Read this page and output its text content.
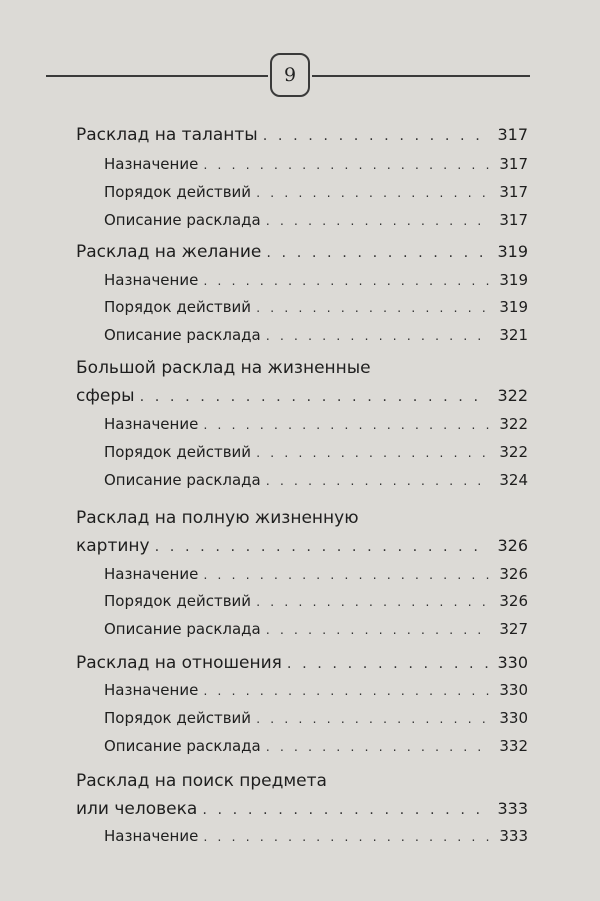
9
Расклад на таланты . . .	317
Назначение . . .	317
Порядок действий . . .	317
Описание расклада . . .	317
Расклад на желание . . .	319
Назначение . . .	319
Порядок действий . . .	319
Описание расклада . . .	321
Большой расклад на жизненные
сферы . . .	322
Назначение . . .	322
Порядок действий . . .	322
Описание расклада . . .	324
Расклад на полную жизненную
картину . . .	326
Назначение . . .	326
Порядок действий . . .	326
Описание расклада . . .	327
Расклад на отношения . . .	330
Назначение . . .	330
Порядок действий . . .	330
Описание расклада . . .	332
Расклад на поиск предмета
или человека . . .	333
Назначение . . .	333
